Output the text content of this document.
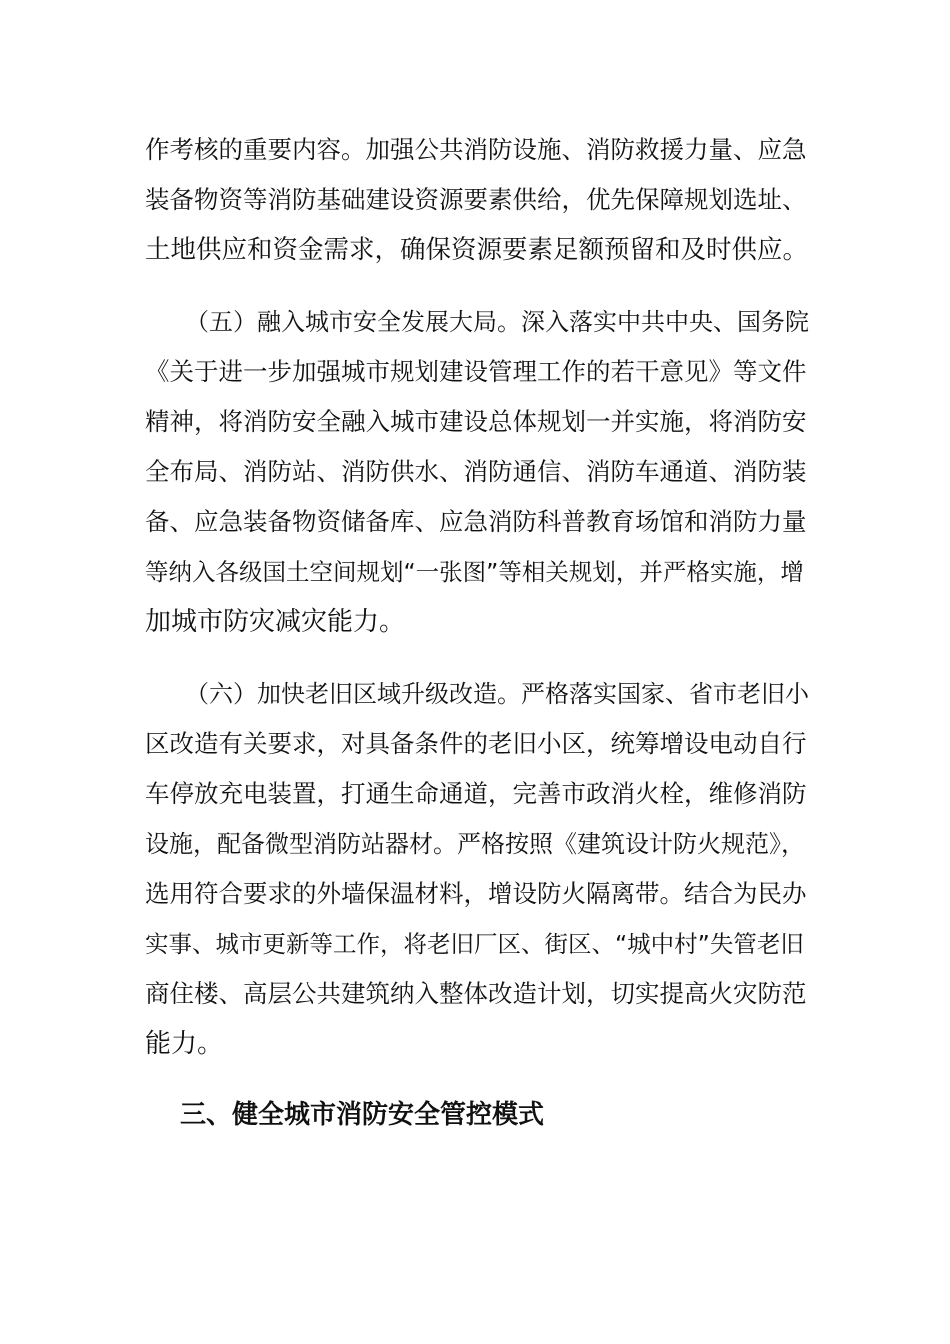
作考核的重要内容。加强公共消防设施、消防救援力量、应急
装备物资等消防基础建设资源要素供给，优先保障规划选址、
土地供应和资金需求，确保资源要素足额预留和及时供应。
（五）融入城市安全发展大局。深入落实中共中央、国务院
《关于进一步加强城市规划建设管理工作的若干意见》等文件
精神，将消防安全融入城市建设总体规划一并实施，将消防安
全布局、消防站、消防供水、消防通信、消防车通道、消防装
备、应急装备物资储备库、应急消防科普教育场馆和消防力量
等纳入各级国土空间规划“一张图”等相关规划，并严格实施，增
加城市防灾减灾能力。
（六）加快老旧区域升级改造。严格落实国家、省市老旧小
区改造有关要求，对具备条件的老旧小区，统筹增设电动自行
车停放充电装置，打通生命通道，完善市政消火栓，维修消防
设施，配备微型消防站器材。严格按照《建筑设计防火规范》，
选用符合要求的外墙保温材料，增设防火隔离带。结合为民办
实事、城市更新等工作，将老旧厂区、街区、“城中村”失管老旧
商住楼、高层公共建筑纳入整体改造计划，切实提高火灾防范
能力。
三、健全城市消防安全管控模式
